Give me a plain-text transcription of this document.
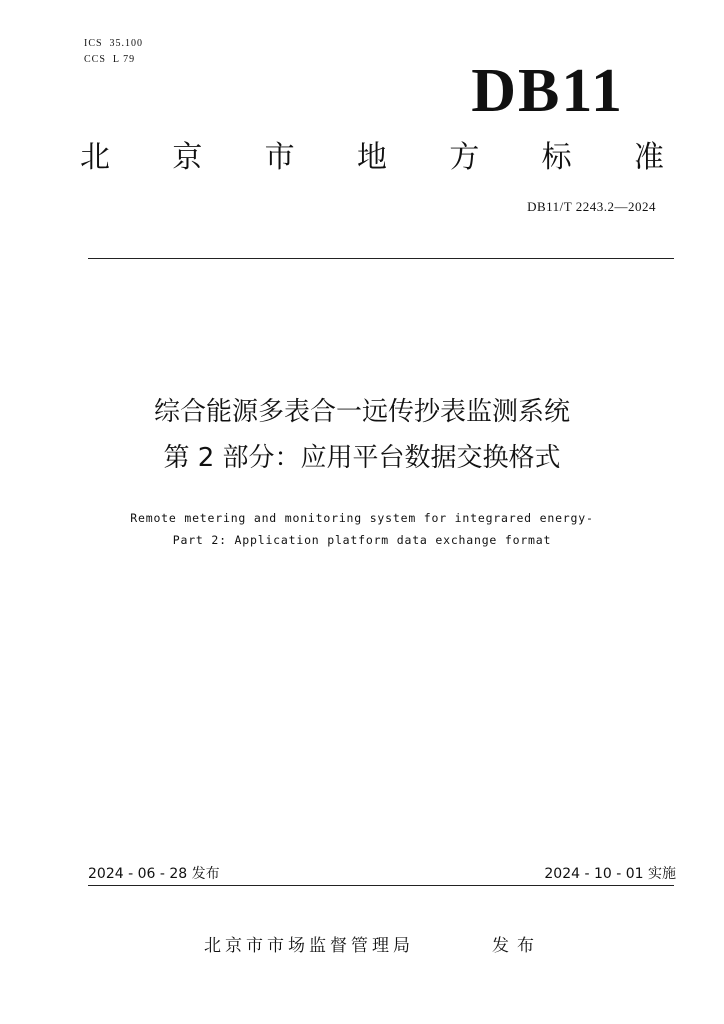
ICS  35.100
CCS  L 79	DB11
北 京 市 地 方 标 准
DB11/T 2243.2—2024
综合能源多表合一远传抄表监测系统
第 2 部分：应用平台数据交换格式
Remote metering and monitoring system for integrared energy-
Part 2: Application platform data exchange format
2024 - 06 - 28 发布	2024 - 10 - 01 实施
北京市市场监督管理局	发布
